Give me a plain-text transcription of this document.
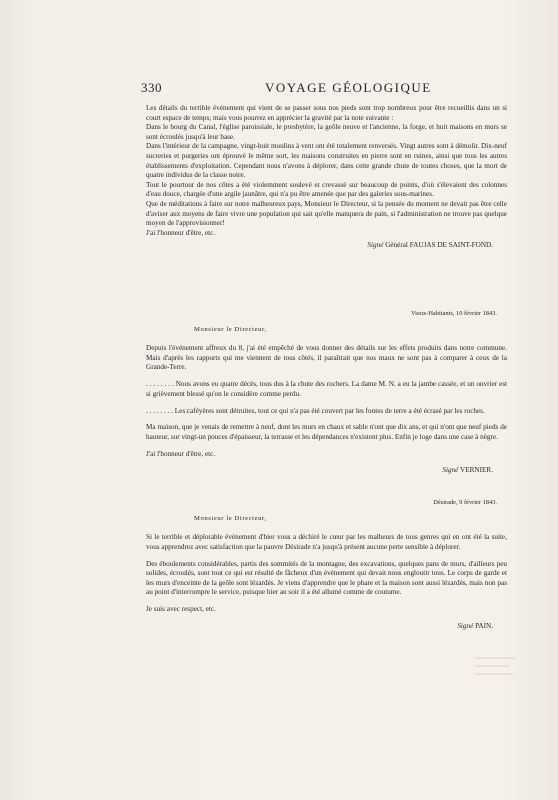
330	VOYAGE GÉOLOGIQUE

Les détails du terrible événement qui vient de se passer sous nos pieds sont trop nombreux pour être recueillis dans un si court espace de temps; mais vous pourrez en apprécier la gravité par la note suivante :

Dans le bourg du Canal, l'église paroissiale, le presbytère, la geôle neuve et l'ancienne, la forge, et huit maisons en murs se sont écroulés jusqu'à leur base.

Dans l'intérieur de la campagne, vingt-huit moulins à vent ont été totalement renversés. Vingt autres sont à démolir. Dix-neuf sucreries et purgeries ont éprouvé le même sort, les maisons construites en pierre sont en ruines, ainsi que tous les autres établissements d'exploitation. Cependant nous n'avons à déplorer, dans cette grande chute de toutes choses, que la mort de quatre individus de la classe noire.

Tout le pourtour de nos côtes a été violemment soulevé et crevassé sur beaucoup de points, d'où s'élevaient des colonnes d'eau douce, chargée d'une argile jaunâtre, qui n'a pu être amenée que par des galeries sous-marines.

Que de méditations à faire sur notre malheureux pays, Monsieur le Directeur, si la pensée du moment ne devait pas être celle d'aviser aux moyens de faire vivre une population qui sait qu'elle manquera de pain, si l'administration ne trouve pas quelque moyen de l'approvisionner!

J'ai l'honneur d'être, etc.

Signé Général FAUJAS DE SAINT-FOND.
Vieux-Habitants, 10 février 1843.
Monsieur le Directeur,

Depuis l'événement affreux du 8, j'ai été empêché de vous donner des détails sur les effets produits dans notre commune. Mais d'après les rapports qui me viennent de tous côtés, il paraîtrait que nos maux ne sont pas à comparer à ceux de la Grande-Terre.

. . . . . . . . Nous avons eu quatre décès, tous dus à la chute des rochers. La dame M. N. a eu la jambe cassée, et un ouvrier est si grièvement blessé qu'on le considère comme perdu.

. . . . . . . . Les caféyères sont détruites, tout ce qui n'a pas été couvert par les fontes de terre a été écrasé par les roches.

Ma maison, que je venais de remettre à neuf, dont les murs en chaux et sable n'ont que dix ans, et qui n'ont que neuf pieds de hauteur, sur vingt-un pouces d'épaisseur, la terrasse et les dépendances n'existent plus. Enfin je loge dans une case à nègre.

J'ai l'honneur d'être, etc.

Signé VERNIER.
Désirade, 9 février 1843.
Monsieur le Directeur,

Si le terrible et déplorable événement d'hier vous a déchiré le cœur par les malheurs de tous genres qui en ont été la suite, vous apprendrez avec satisfaction que la pauvre Désirade n'a jusqu'à présent aucune perte sensible à déplorer.

Des éboulements considérables, partis des sommités de la montagne, des excavations, quelques pans de murs, d'ailleurs peu solides, écroulés, sont tout ce qui est résulté de fâcheux d'un événement qui devait nous engloutir tous. Le corps de garde et les murs d'enceinte de la geôle sont lézardés. Je viens d'apprendre que le phare et la maison sont aussi lézardés, mais non pas au point d'interrompre le service, puisque hier au soir il a été allumé comme de coutume.

Je suis avec respect, etc.

Signé PAIN.
